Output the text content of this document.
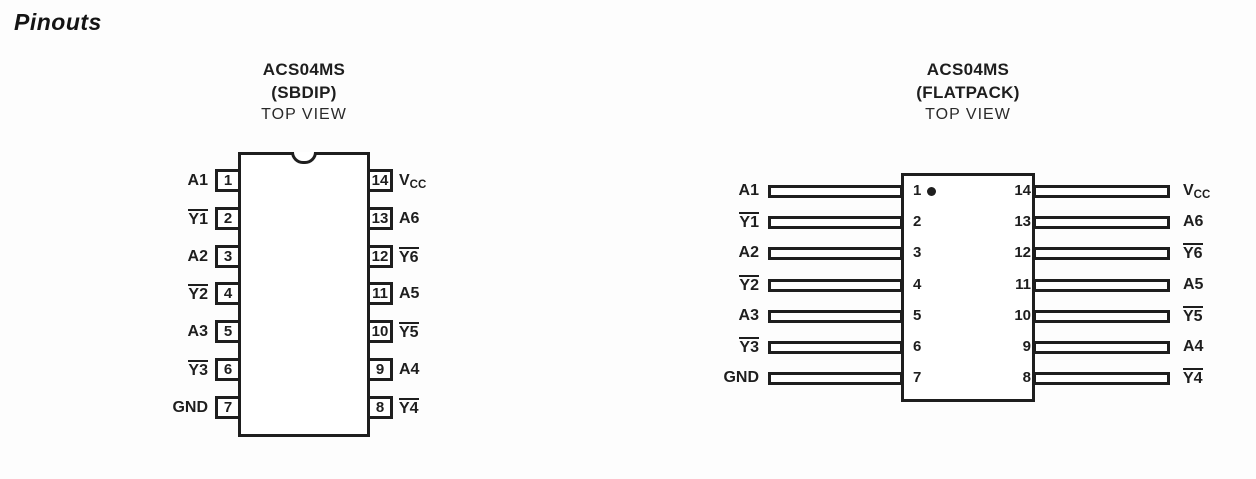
Pinouts
ACS04MS
(SBDIP)
TOP VIEW
ACS04MS
(FLATPACK)
TOP VIEW
1
A1
2
Y1
3
A2
4
Y2
5
A3
6
Y3
7
GND
14 $V_{CC}$
13 A6
12 Y6
11 A5
10 Y5
9 A4
8 Y4
1
A1
2
Y1
3
A2
4
Y2
5
A3
6
Y3
7
GND
14	$V_{CC}$
13	A6
12	Y6
11	A5
10	Y5
9	A4
8	Y4
